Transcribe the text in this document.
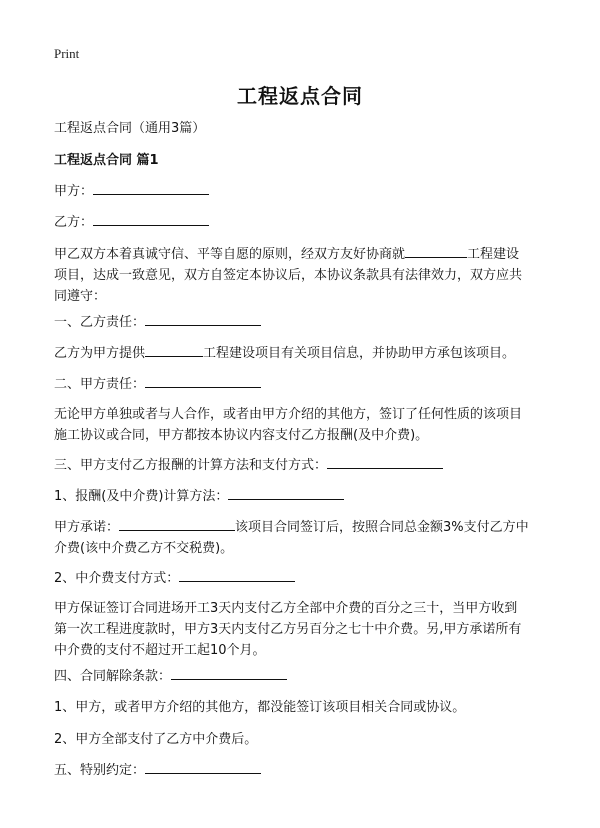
Print
工程返点合同
工程返点合同（通用3篇）
工程返点合同 篇1
甲方：
乙方：
甲乙双方本着真诚守信、平等自愿的原则，经双方友好协商就	工程建设
项目，达成一致意见，双方自签定本协议后，本协议条款具有法律效力，双方应共
同遵守：
一、乙方责任：
乙方为甲方提供	工程建设项目有关项目信息，并协助甲方承包该项目。
二、甲方责任：
无论甲方单独或者与人合作，或者由甲方介绍的其他方，签订了任何性质的该项目
施工协议或合同，甲方都按本协议内容支付乙方报酬(及中介费)。
三、甲方支付乙方报酬的计算方法和支付方式：
1、报酬(及中介费)计算方法：
甲方承诺：	该项目合同签订后，按照合同总金额3%支付乙方中
介费(该中介费乙方不交税费)。
2、中介费支付方式：
甲方保证签订合同进场开工3天内支付乙方全部中介费的百分之三十，当甲方收到
第一次工程进度款时，甲方3天内支付乙方另百分之七十中介费。另,甲方承诺所有
中介费的支付不超过开工起10个月。
四、合同解除条款：
1、甲方，或者甲方介绍的其他方，都没能签订该项目相关合同或协议。
2、甲方全部支付了乙方中介费后。
五、特别约定：
